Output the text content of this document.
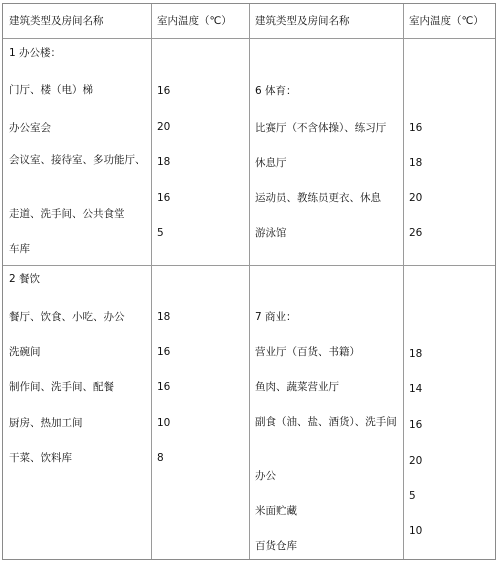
建筑类型及房间名称	室内温度（℃） 建筑类型及房间名称	室内温度（℃）
1 办公楼：
门厅、楼（电）梯
办公室会
会议室、接待室、多功能厅、
走道、洗手间、公共食堂
车库
16
20
18
16
5
2 餐饮
餐厅、饮食、小吃、办公
洗碗间
制作间、洗手间、配餐
厨房、热加工间
干菜、饮料库
18
16
16
10
8
6 体育：
比赛厅（不含体操）、练习厅
休息厅
运动员、教练员更衣、休息
游泳馆
16
18
20
26
7 商业：
营业厅（百货、书籍）
鱼肉、蔬菜营业厅
副食（油、盐、酒货）、洗手间
办公
米面贮藏
百货仓库
18
14
16
20
5
10
